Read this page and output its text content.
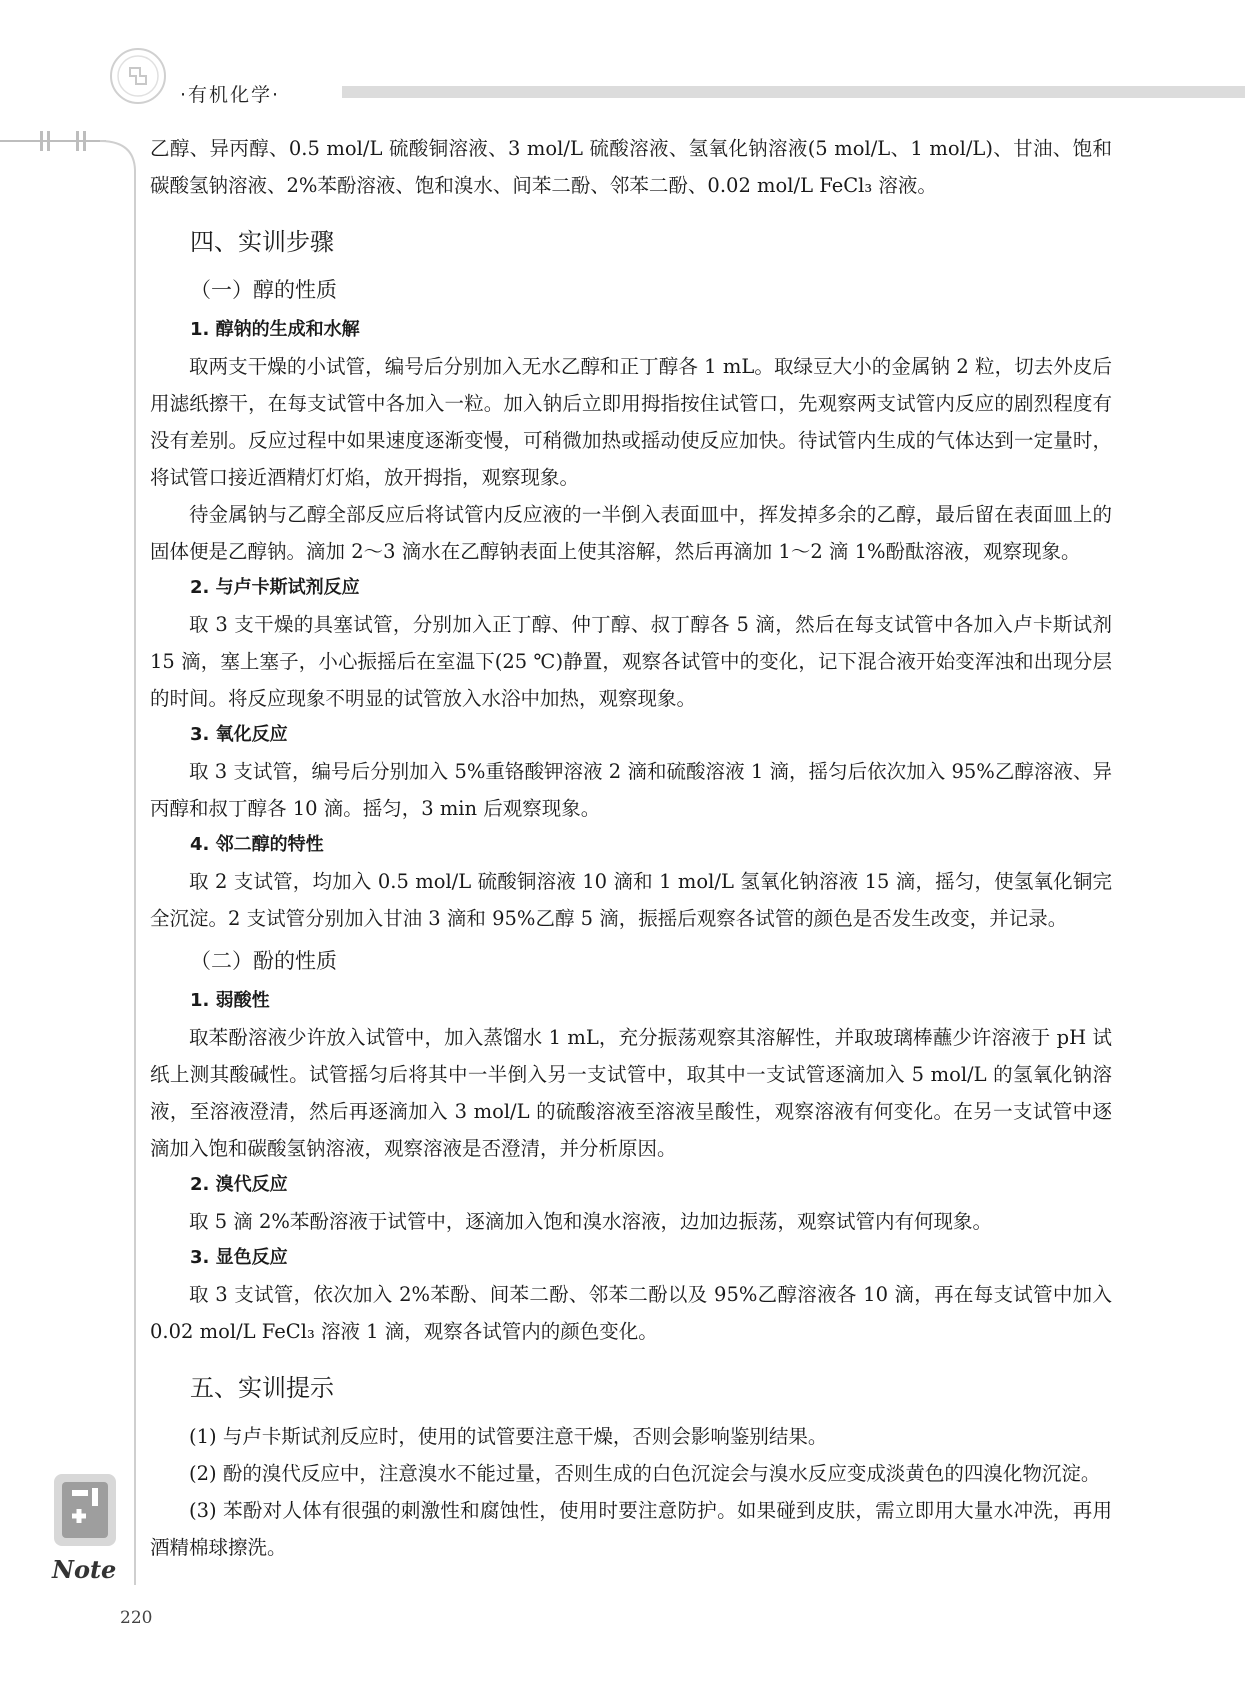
·有机化学·

乙醇、异丙醇、0.5 mol/L 硫酸铜溶液、3 mol/L 硫酸溶液、氢氧化钠溶液(5 mol/L、1 mol/L)、甘油、饱和碳酸氢钠溶液、2%苯酚溶液、饱和溴水、间苯二酚、邻苯二酚、0.02 mol/L FeCl₃ 溶液。

四、实训步骤
（一）醇的性质
1. 醇钠的生成和水解

取两支干燥的小试管，编号后分别加入无水乙醇和正丁醇各 1 mL。取绿豆大小的金属钠 2 粒，切去外皮后用滤纸擦干，在每支试管中各加入一粒。加入钠后立即用拇指按住试管口，先观察两支试管内反应的剧烈程度有没有差别。反应过程中如果速度逐渐变慢，可稍微加热或摇动使反应加快。待试管内生成的气体达到一定量时，将试管口接近酒精灯灯焰，放开拇指，观察现象。

待金属钠与乙醇全部反应后将试管内反应液的一半倒入表面皿中，挥发掉多余的乙醇，最后留在表面皿上的固体便是乙醇钠。滴加 2～3 滴水在乙醇钠表面上使其溶解，然后再滴加 1～2 滴 1%酚酞溶液，观察现象。

2. 与卢卡斯试剂反应

取 3 支干燥的具塞试管，分别加入正丁醇、仲丁醇、叔丁醇各 5 滴，然后在每支试管中各加入卢卡斯试剂 15 滴，塞上塞子，小心振摇后在室温下(25 ℃)静置，观察各试管中的变化，记下混合液开始变浑浊和出现分层的时间。将反应现象不明显的试管放入水浴中加热，观察现象。

3. 氧化反应

取 3 支试管，编号后分别加入 5%重铬酸钾溶液 2 滴和硫酸溶液 1 滴，摇匀后依次加入 95%乙醇溶液、异丙醇和叔丁醇各 10 滴。摇匀，3 min 后观察现象。

4. 邻二醇的特性

取 2 支试管，均加入 0.5 mol/L 硫酸铜溶液 10 滴和 1 mol/L 氢氧化钠溶液 15 滴，摇匀，使氢氧化铜完全沉淀。2 支试管分别加入甘油 3 滴和 95%乙醇 5 滴，振摇后观察各试管的颜色是否发生改变，并记录。

（二）酚的性质
1. 弱酸性

取苯酚溶液少许放入试管中，加入蒸馏水 1 mL，充分振荡观察其溶解性，并取玻璃棒蘸少许溶液于 pH 试纸上测其酸碱性。试管摇匀后将其中一半倒入另一支试管中，取其中一支试管逐滴加入 5 mol/L 的氢氧化钠溶液，至溶液澄清，然后再逐滴加入 3 mol/L 的硫酸溶液至溶液呈酸性，观察溶液有何变化。在另一支试管中逐滴加入饱和碳酸氢钠溶液，观察溶液是否澄清，并分析原因。

2. 溴代反应

取 5 滴 2%苯酚溶液于试管中，逐滴加入饱和溴水溶液，边加边振荡，观察试管内有何现象。

3. 显色反应

取 3 支试管，依次加入 2%苯酚、间苯二酚、邻苯二酚以及 95%乙醇溶液各 10 滴，再在每支试管中加入 0.02 mol/L FeCl₃ 溶液 1 滴，观察各试管内的颜色变化。

五、实训提示

(1) 与卢卡斯试剂反应时，使用的试管要注意干燥，否则会影响鉴别结果。

(2) 酚的溴代反应中，注意溴水不能过量，否则生成的白色沉淀会与溴水反应变成淡黄色的四溴化物沉淀。

(3) 苯酚对人体有很强的刺激性和腐蚀性，使用时要注意防护。如果碰到皮肤，需立即用大量水冲洗，再用酒精棉球擦洗。

Note
220
